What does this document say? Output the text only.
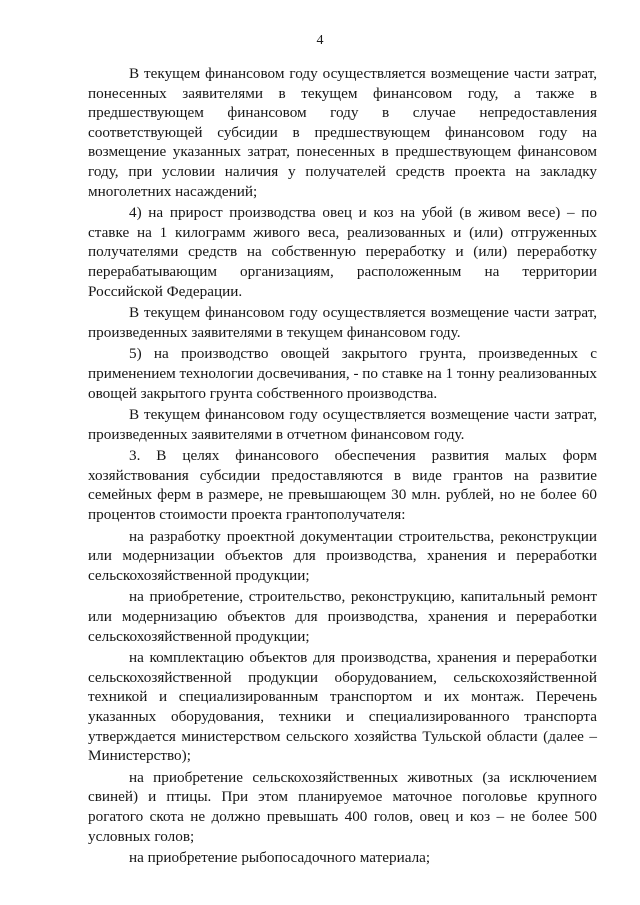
4

В текущем финансовом году осуществляется возмещение части затрат, понесенных заявителями в текущем финансовом году, а также в предшествующем финансовом году в случае непредоставления соответствующей субсидии в предшествующем финансовом году на возмещение указанных затрат, понесенных в предшествующем финансовом году, при условии наличия у получателей средств проекта на закладку многолетних насаждений;

4) на прирост производства овец и коз на убой (в живом весе) – по ставке на 1 килограмм живого веса, реализованных и (или) отгруженных получателями средств на собственную переработку и (или) переработку перерабатывающим организациям, расположенным на территории Российской Федерации.

В текущем финансовом году осуществляется возмещение части затрат, произведенных заявителями в текущем финансовом году.

5) на производство овощей закрытого грунта, произведенных с применением технологии досвечивания, - по ставке на 1 тонну реализованных овощей закрытого грунта собственного производства.

В текущем финансовом году осуществляется возмещение части затрат, произведенных заявителями в отчетном финансовом году.

3. В целях финансового обеспечения развития малых форм хозяйствования субсидии предоставляются в виде грантов на развитие семейных ферм в размере, не превышающем 30 млн. рублей, но не более 60 процентов стоимости проекта грантополучателя:

на разработку проектной документации строительства, реконструкции или модернизации объектов для производства, хранения и переработки сельскохозяйственной продукции;

на приобретение, строительство, реконструкцию, капитальный ремонт или модернизацию объектов для производства, хранения и переработки сельскохозяйственной продукции;

на комплектацию объектов для производства, хранения и переработки сельскохозяйственной продукции оборудованием, сельскохозяйственной техникой и специализированным транспортом и их монтаж. Перечень указанных оборудования, техники и специализированного транспорта утверждается министерством сельского хозяйства Тульской области (далее – Министерство);

на приобретение сельскохозяйственных животных (за исключением свиней) и птицы. При этом планируемое маточное поголовье крупного рогатого скота не должно превышать 400 голов, овец и коз – не более 500 условных голов;

на приобретение рыбопосадочного материала;
